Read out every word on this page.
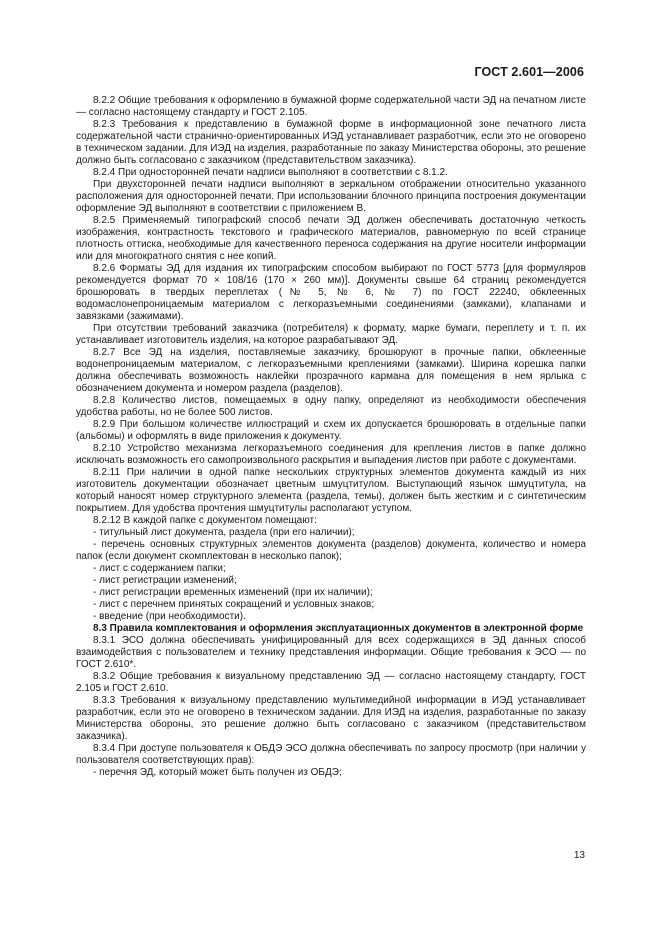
ГОСТ 2.601—2006

8.2.2 Общие требования к оформлению в бумажной форме содержательной части ЭД на печатном листе — согласно настоящему стандарту и ГОСТ 2.105.

8.2.3 Требования к представлению в бумажной форме в информационной зоне печатного листа содержательной части странично-ориентированных ИЭД устанавливает разработчик, если это не оговорено в техническом задании. Для ИЭД на изделия, разработанные по заказу Министерства обороны, это решение должно быть согласовано с заказчиком (представительством заказчика).

8.2.4 При односторонней печати надписи выполняют в соответствии с 8.1.2.

При двухсторонней печати надписи выполняют в зеркальном отображении относительно указанного расположения для односторонней печати. При использовании блочного принципа построения документации оформление ЭД выполняют в соответствии с приложением В.

8.2.5 Применяемый типографский способ печати ЭД должен обеспечивать достаточную четкость изображения, контрастность текстового и графического материалов, равномерную по всей странице плотность оттиска, необходимые для качественного переноса содержания на другие носители информации или для многократного снятия с нее копий.

8.2.6 Форматы ЭД для издания их типографским способом выбирают по ГОСТ 5773 [для формуляров рекомендуется формат 70 × 108/16 (170 × 260 мм)]. Документы свыше 64 страниц рекомендуется брошюровать в твердых переплетах (№ 5, № 6, № 7) по ГОСТ 22240, обклеенных водомаслонепроницаемым материалом с легкоразъемными соединениями (замками), клапанами и завязками (зажимами).

При отсутствии требований заказчика (потребителя) к формату, марке бумаги, переплету и т. п. их устанавливает изготовитель изделия, на которое разрабатывают ЭД.

8.2.7 Все ЭД на изделия, поставляемые заказчику, брошюруют в прочные папки, обклеенные водонепроницаемым материалом, с легкоразъемными креплениями (замками). Ширина корешка папки должна обеспечивать возможность наклейки прозрачного кармана для помещения в нем ярлыка с обозначением документа и номером раздела (разделов).

8.2.8 Количество листов, помещаемых в одну папку, определяют из необходимости обеспечения удобства работы, но не более 500 листов.

8.2.9 При большом количестве иллюстраций и схем их допускается брошюровать в отдельные папки (альбомы) и оформлять в виде приложения к документу.

8.2.10 Устройство механизма легкоразъемного соединения для крепления листов в папке должно исключать возможность его самопроизвольного раскрытия и выпадения листов при работе с документами.

8.2.11 При наличии в одной папке нескольких структурных элементов документа каждый из них изготовитель документации обозначает цветным шмуцтитулом. Выступающий язычок шмуцтитула, на который наносят номер структурного элемента (раздела, темы), должен быть жестким и с синтетическим покрытием. Для удобства прочтения шмуцтитулы располагают уступом.

8.2.12 В каждой папке с документом помещают:

- титульный лист документа, раздела (при его наличии);

- перечень основных структурных элементов документа (разделов) документа, количество и номера папок (если документ скомплектован в несколько папок);

- лист с содержанием папки;

- лист регистрации изменений;

- лист регистрации временных изменений (при их наличии);

- лист с перечнем принятых сокращений и условных знаков;

- введение (при необходимости).

8.3 Правила комплектования и оформления эксплуатационных документов в электронной форме

8.3.1 ЭСО должна обеспечивать унифицированный для всех содержащихся в ЭД данных способ взаимодействия с пользователем и технику представления информации. Общие требования к ЭСО — по ГОСТ 2.610*.

8.3.2 Общие требования к визуальному представлению ЭД — согласно настоящему стандарту, ГОСТ 2.105 и ГОСТ 2.610.

8.3.3 Требования к визуальному представлению мультимедийной информации в ИЭД устанавливает разработчик, если это не оговорено в техническом задании. Для ИЭД на изделия, разработанные по заказу Министерства обороны, это решение должно быть согласовано с заказчиком (представительством заказчика).

8.3.4 При доступе пользователя к ОБДЭ ЭСО должна обеспечивать по запросу просмотр (при наличии у пользователя соответствующих прав):

- перечня ЭД, который может быть получен из ОБДЭ;

13
